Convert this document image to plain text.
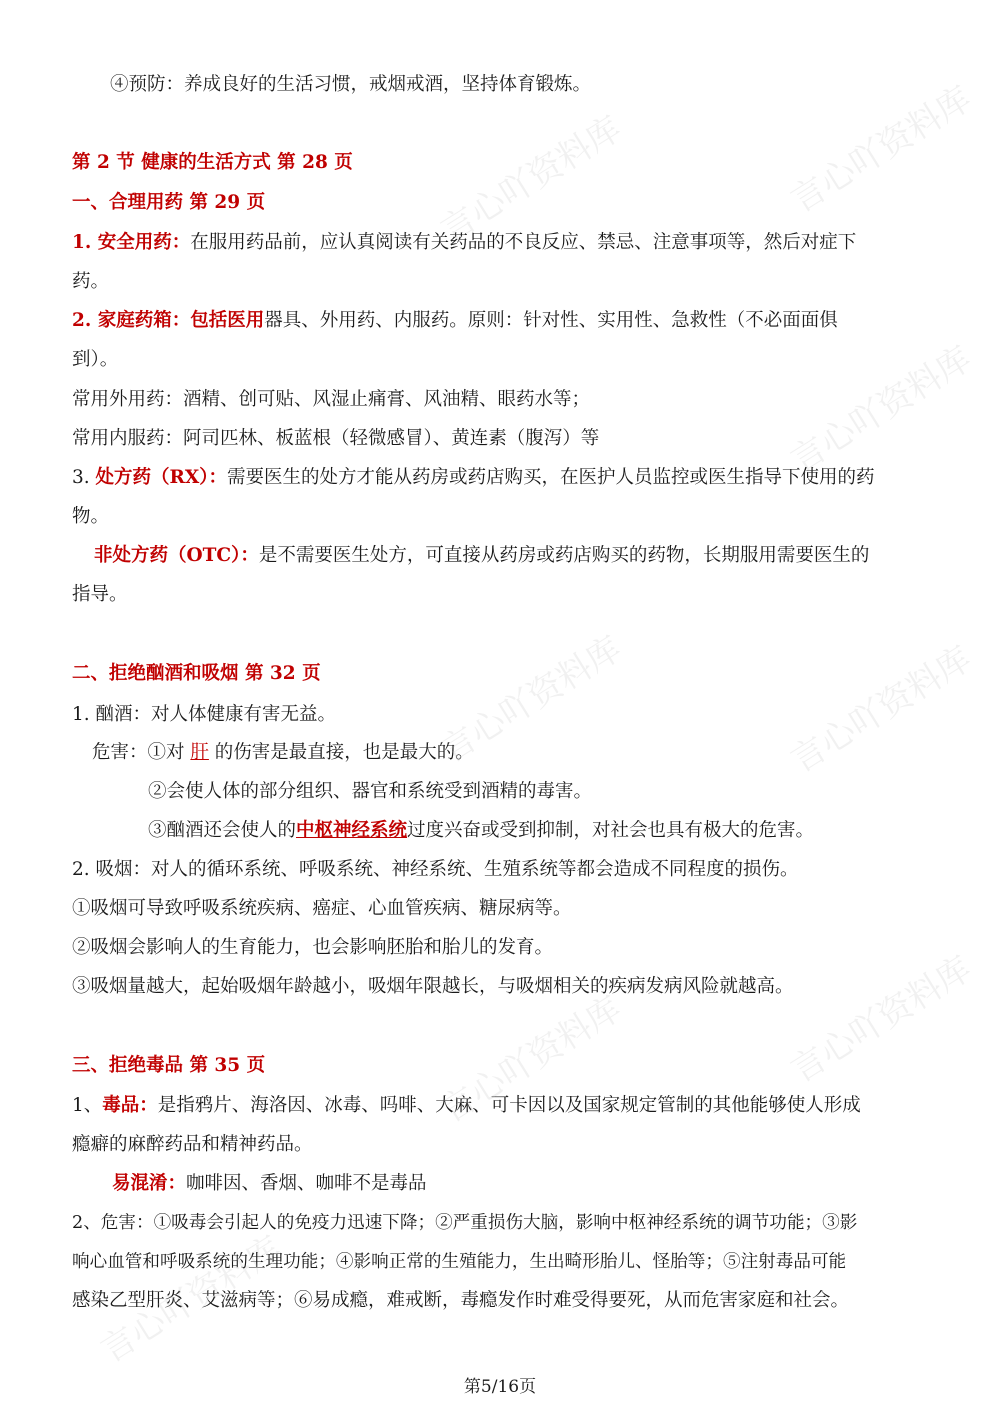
④预防：养成良好的生活习惯，戒烟戒酒，坚持体育锻炼。
第 2 节 健康的生活方式 第 28 页
一、合理用药 第 29 页
1. 安全用药：在服用药品前，应认真阅读有关药品的不良反应、禁忌、注意事项等，然后对症下
药。
2. 家庭药箱：包括医用器具、外用药、内服药。原则：针对性、实用性、急救性（不必面面俱
到）。
常用外用药：酒精、创可贴、风湿止痛膏、风油精、眼药水等；
常用内服药：阿司匹林、板蓝根（轻微感冒）、黄连素（腹泻）等
3. 处方药（RX）：需要医生的处方才能从药房或药店购买，在医护人员监控或医生指导下使用的药
物。
非处方药（OTC）：是不需要医生处方，可直接从药房或药店购买的药物，长期服用需要医生的
指导。
二、拒绝酗酒和吸烟 第 32 页
1. 酗酒：对人体健康有害无益。
危害：①对 肝 的伤害是最直接，也是最大的。
②会使人体的部分组织、器官和系统受到酒精的毒害。
③酗酒还会使人的中枢神经系统过度兴奋或受到抑制，对社会也具有极大的危害。
2. 吸烟：对人的循环系统、呼吸系统、神经系统、生殖系统等都会造成不同程度的损伤。
①吸烟可导致呼吸系统疾病、癌症、心血管疾病、糖尿病等。
②吸烟会影响人的生育能力，也会影响胚胎和胎儿的发育。
③吸烟量越大，起始吸烟年龄越小，吸烟年限越长，与吸烟相关的疾病发病风险就越高。
三、拒绝毒品 第 35 页
1、毒品：是指鸦片、海洛因、冰毒、吗啡、大麻、可卡因以及国家规定管制的其他能够使人形成
瘾癖的麻醉药品和精神药品。
易混淆：咖啡因、香烟、咖啡不是毒品
2、危害：①吸毒会引起人的免疫力迅速下降；②严重损伤大脑，影响中枢神经系统的调节功能；③影
响心血管和呼吸系统的生理功能；④影响正常的生殖能力，生出畸形胎儿、怪胎等；⑤注射毒品可能
感染乙型肝炎、艾滋病等；⑥易成瘾，难戒断，毒瘾发作时难受得要死，从而危害家庭和社会。
第5/16页
言心吖资料库	言心吖资料库
言心吖资料库
言心吖资料库
言心吖资料库
言心吖资料库	言心吖资料库
言心吖资料库
